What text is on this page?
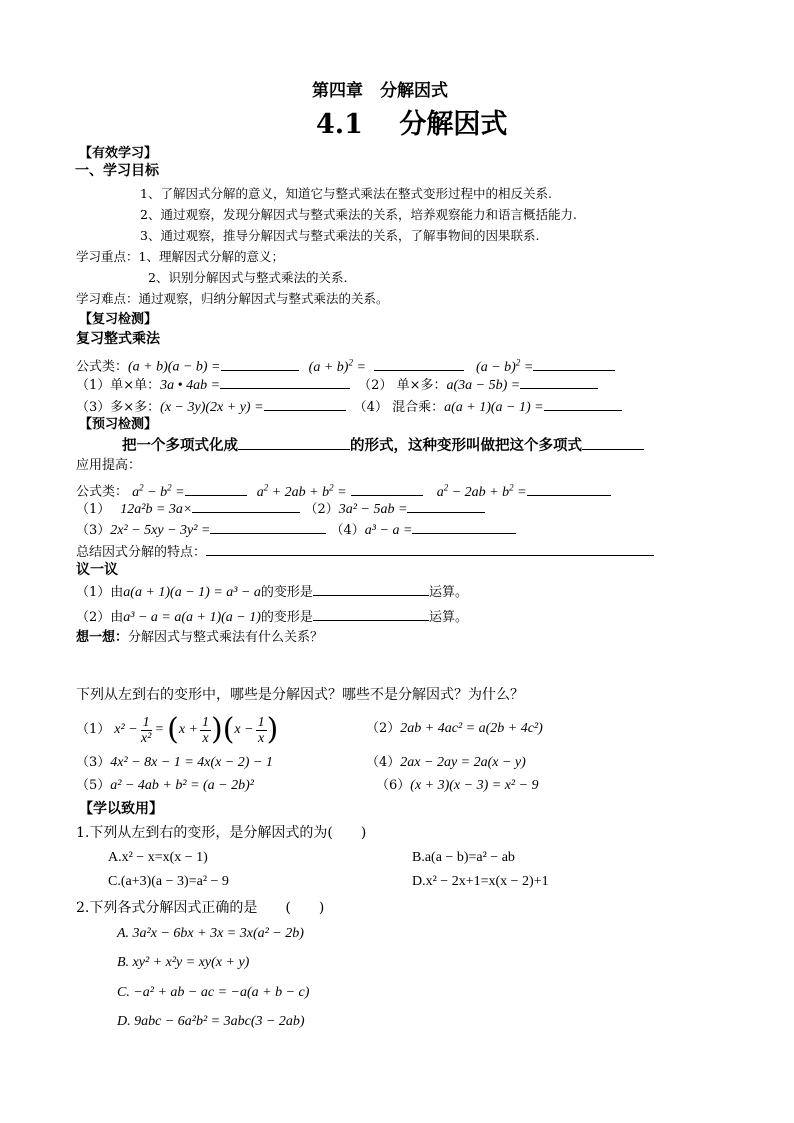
第四章　分解因式
4.1　 分解因式
【有效学习】
一、学习目标
1、了解因式分解的意义，知道它与整式乘法在整式变形过程中的相反关系.
2、通过观察，发现分解因式与整式乘法的关系，培养观察能力和语言概括能力.
3、通过观察，推导分解因式与整式乘法的关系，了解事物间的因果联系.
学习重点：1、理解因式分解的意义；
2、识别分解因式与整式乘法的关系.
学习难点：通过观察，归纳分解因式与整式乘法的关系。
【复习检测】
复习整式乘法
公式类：(a + b)(a − b) =	$(a + b)^2$ =	$(a - b)^2$ =
（1）单×单：3a • 4ab =	（2） 单×多：a(3a − 5b) =
（3）多×多：(x − 3y)(2x + y) =	（4） 混合乘：a(a + 1)(a − 1) =
【预习检测】
把一个多项式化成	的形式，这种变形叫做把这个多项式
应用提高：
公式类： $a^2 - b^2$ =	$a^2 + 2ab + b^2$ =	$a^2 - 2ab + b^2$ =
（1） 12a²b = 3a×	（2）3a² − 5ab =
（3）2x² − 5xy − 3y² =	（4）a³ − a =
总结因式分解的特点：
议一议
（1）由a(a + 1)(a − 1) = a³ − a的变形是	运算。
（2）由a³ − a = a(a + 1)(a − 1)的变形是	运算。
想一想：分解因式与整式乘法有什么关系？
下列从左到右的变形中，哪些是分解因式？哪些不是分解因式？为什么？
（1） $x^2 - \frac{1}{\text{x²}}$ = ( $x + \frac{1}{x}$ ) ( $x - \frac{1}{x}$ )	（2）2ab + 4ac² = a(2b + 4c²)
（3）4x² − 8x − 1 = 4x(x − 2) − 1	（4）2ax − 2ay = 2a(x − y)
（5）a² − 4ab + b² = (a − 2b)²	（6）(x + 3)(x − 3) = x² − 9
【学以致用】
1.下列从左到右的变形，是分解因式的为(　　)
A.x² − x=x(x − 1)	B.a(a − b)=a² − ab
C.(a+3)(a − 3)=a² − 9	D.x² − 2x+1=x(x − 2)+1
2.下列各式分解因式正确的是　　(　　)
A. 3a²x − 6bx + 3x = 3x(a² − 2b)
B. xy² + x²y = xy(x + y)
C. −a² + ab − ac = −a(a + b − c)
D. 9abc − 6a²b² = 3abc(3 − 2ab)
